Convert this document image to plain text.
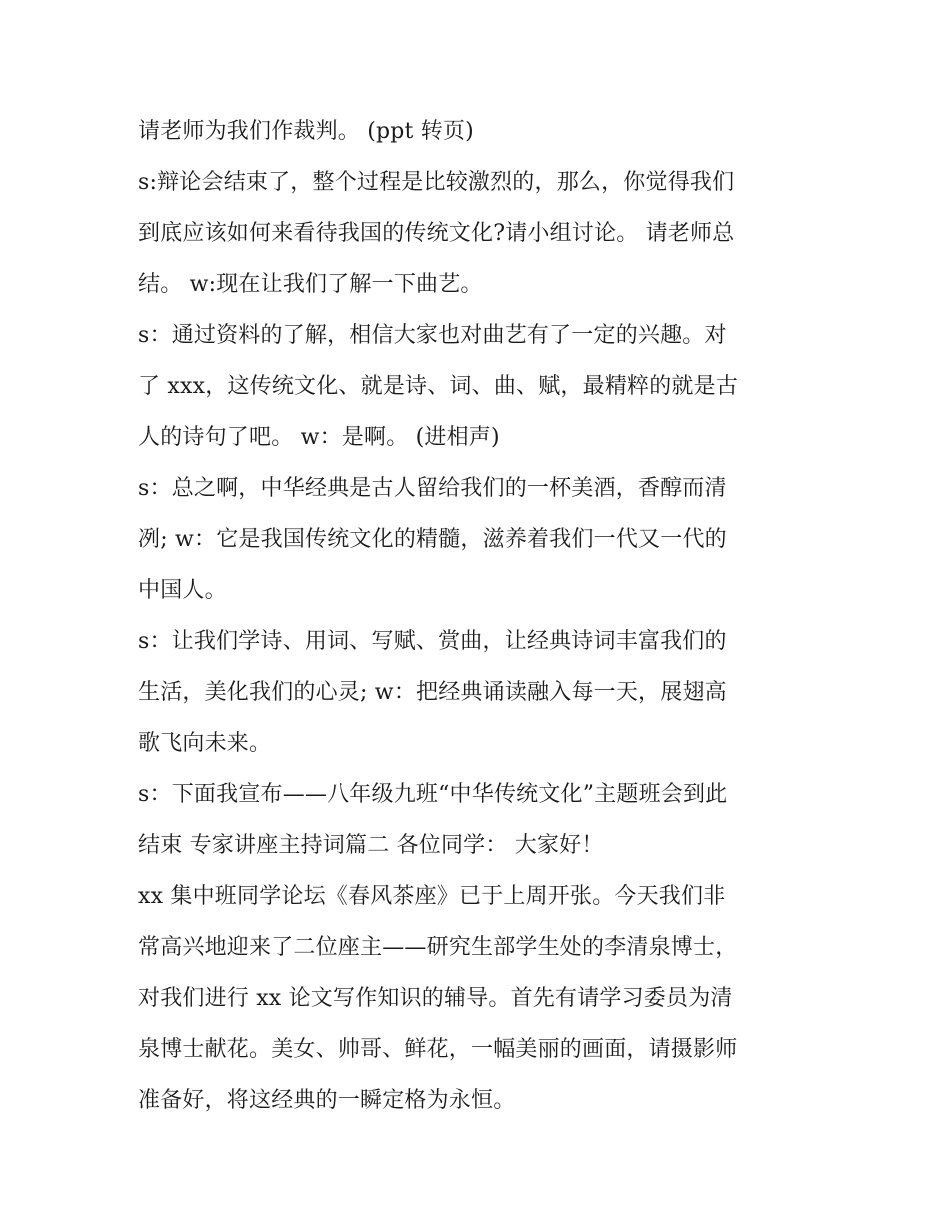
请老师为我们作裁判。 (ppt 转页)
s:辩论会结束了，整个过程是比较激烈的，那么，你觉得我们
到底应该如何来看待我国的传统文化?请小组讨论。 请老师总
结。 w:现在让我们了解一下曲艺。
s：通过资料的了解，相信大家也对曲艺有了一定的兴趣。对
了 xxx，这传统文化、就是诗、词、曲、赋，最精粹的就是古
人的诗句了吧。 w：是啊。 (进相声)
s：总之啊，中华经典是古人留给我们的一杯美酒，香醇而清
冽; w：它是我国传统文化的精髓，滋养着我们一代又一代的
中国人。
s：让我们学诗、用词、写赋、赏曲，让经典诗词丰富我们的
生活，美化我们的心灵; w：把经典诵读融入每一天，展翅高
歌飞向未来。
s：下面我宣布——八年级九班“中华传统文化”主题班会到此
结束 专家讲座主持词篇二 各位同学： 大家好！
xx 集中班同学论坛《春风茶座》已于上周开张。今天我们非
常高兴地迎来了二位座主——研究生部学生处的李清泉博士，
对我们进行 xx 论文写作知识的辅导。首先有请学习委员为清
泉博士献花。美女、帅哥、鲜花，一幅美丽的画面，请摄影师
准备好，将这经典的一瞬定格为永恒。
